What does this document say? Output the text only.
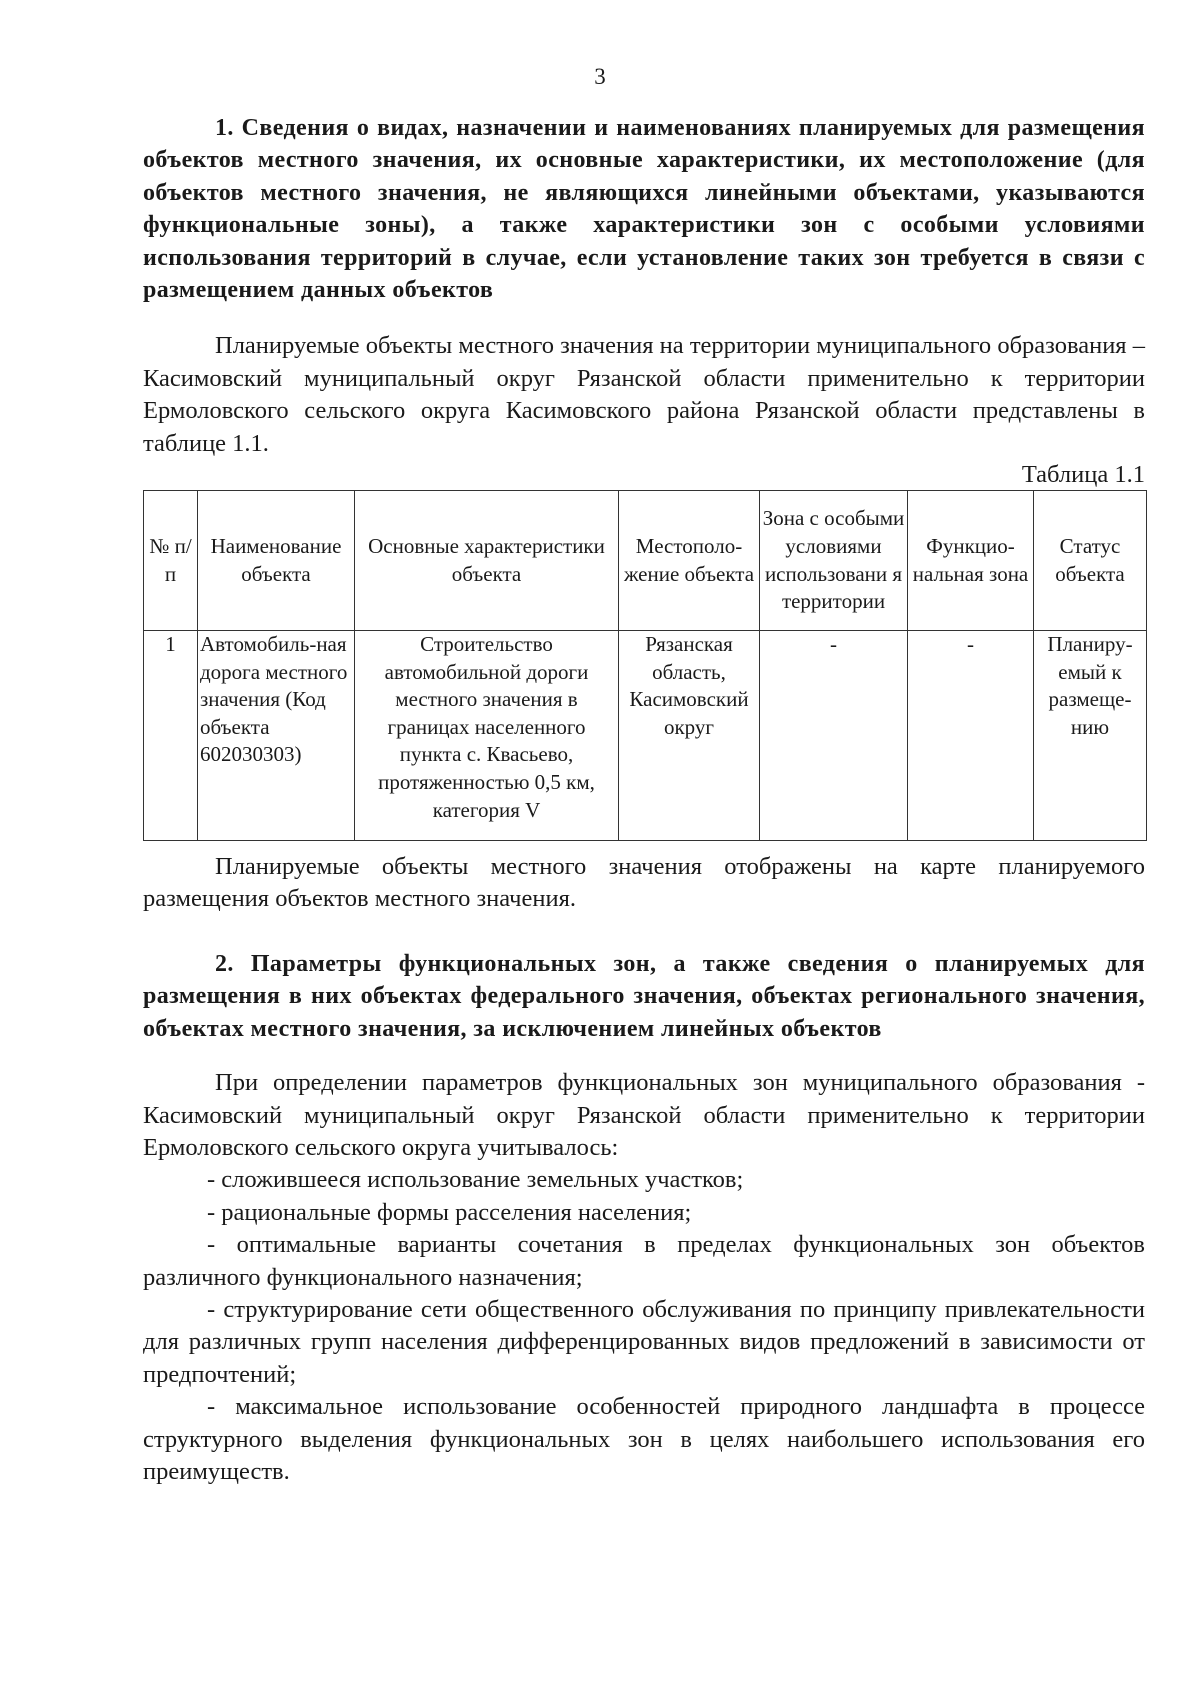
3

1. Сведения о видах, назначении и наименованиях планируемых для размещения объектов местного значения, их основные характеристики, их местоположение (для объектов местного значения, не являющихся линейными объектами, указываются функциональные зоны), а также характеристики зон с особыми условиями использования территорий в случае, если установление таких зон требуется в связи с размещением данных объектов

Планируемые объекты местного значения на территории муниципального образования – Касимовский муниципальный округ Рязанской области применительно к территории Ермоловского сельского округа Касимовского района Рязанской области представлены в таблице 1.1.

Таблица 1.1

№ п/п	Наименование объекта	Основные характеристики объекта	Местополо-жение объекта	Зона с особыми условиями использовани я территории	Функцио-нальная зона	Статус объекта
1	Автомобиль-ная дорога местного значения (Код объекта 602030303)	Строительство автомобильной дороги местного значения в границах населенного пункта с. Квасьево, протяженностью 0,5 км, категория V	Рязанская область, Касимовский округ	-	-	Планиру-емый к размеще-нию

Планируемые объекты местного значения отображены на карте планируемого размещения объектов местного значения.

2. Параметры функциональных зон, а также сведения о планируемых для размещения в них объектах федерального значения, объектах регионального значения, объектах местного значения, за исключением линейных объектов

При определении параметров функциональных зон муниципального образования - Касимовский муниципальный округ Рязанской области применительно к территории Ермоловского сельского округа учитывалось:

- сложившееся использование земельных участков;

- рациональные формы расселения населения;

- оптимальные варианты сочетания в пределах функциональных зон объектов различного функционального назначения;

- структурирование сети общественного обслуживания по принципу привлекательности для различных групп населения дифференцированных видов предложений в зависимости от предпочтений;

- максимальное использование особенностей природного ландшафта в процессе структурного выделения функциональных зон в целях наибольшего использования его преимуществ.
